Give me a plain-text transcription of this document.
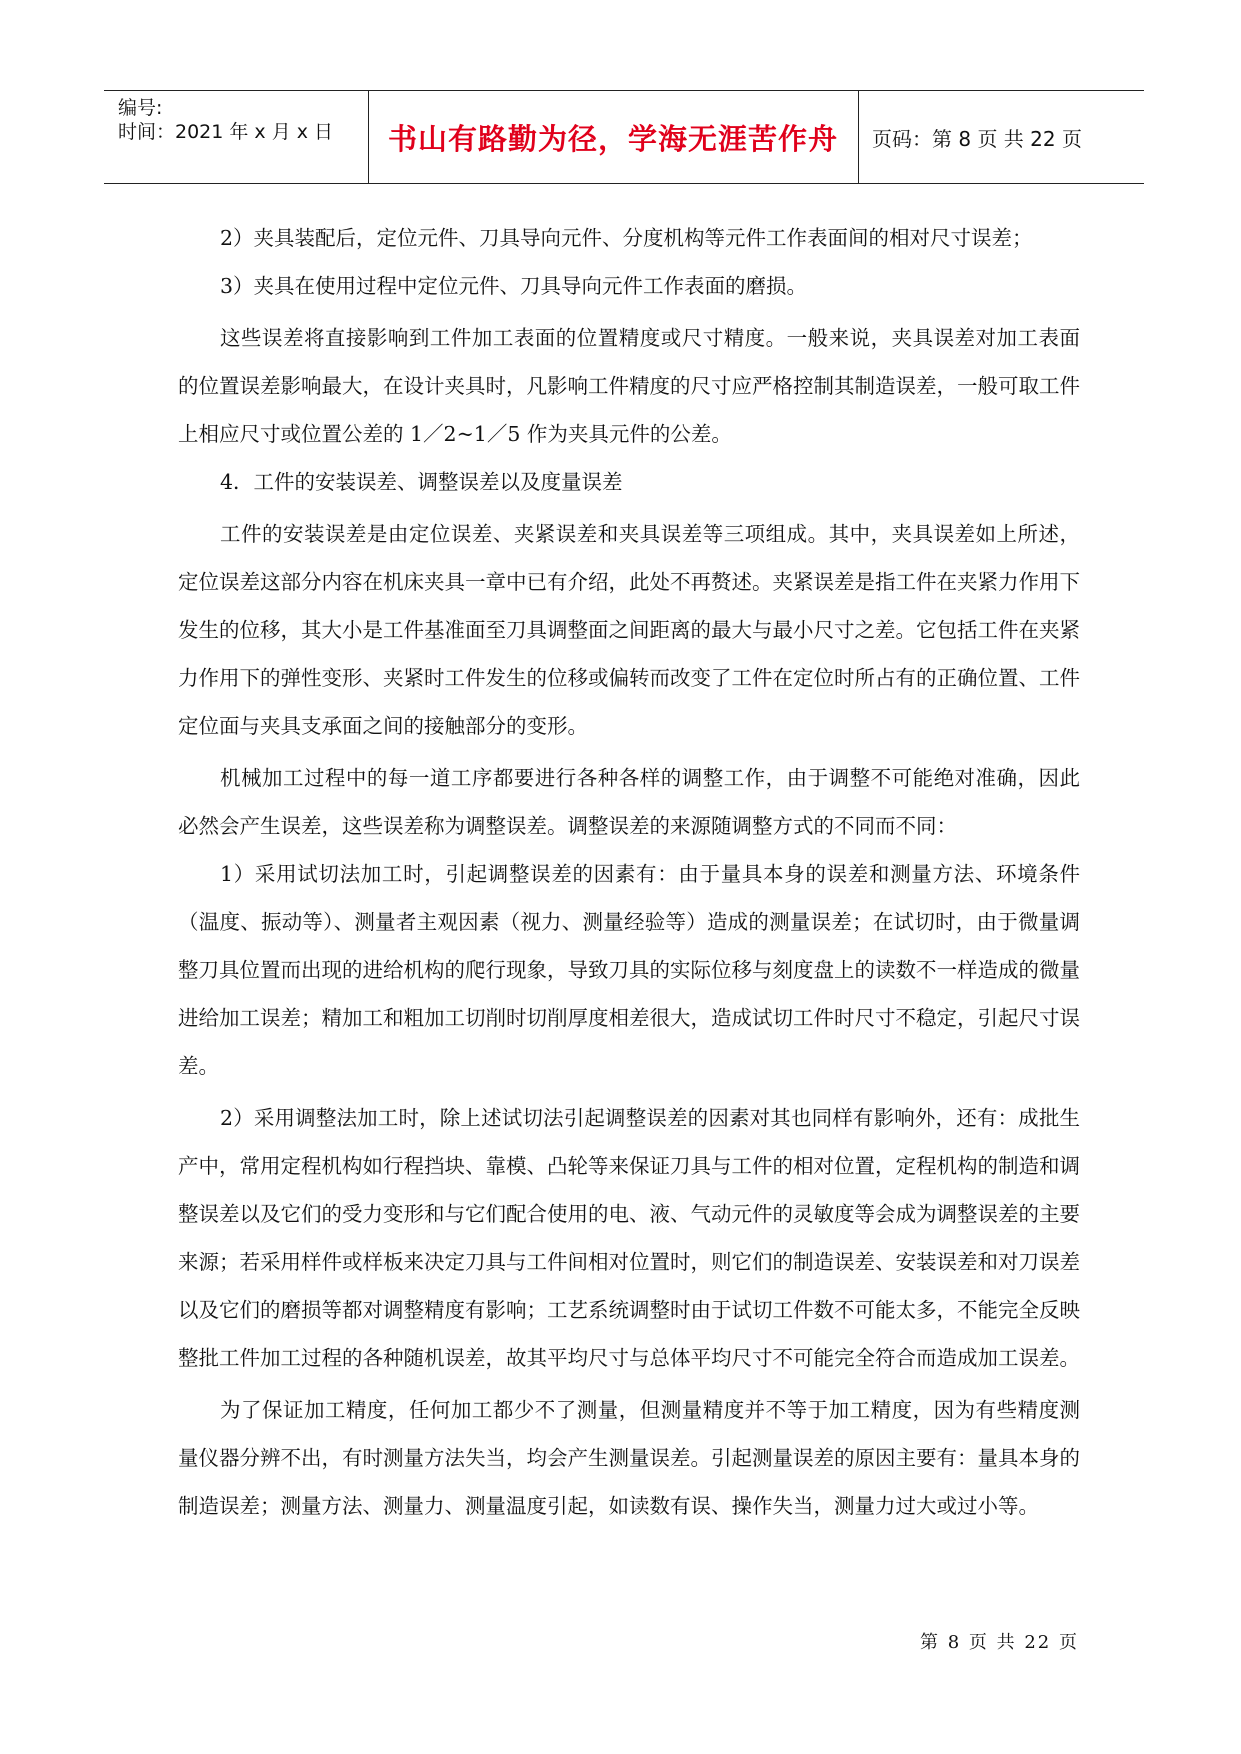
编号:
时间：2021 年 x 月 x 日	书山有路勤为径，学海无涯苦作舟	页码：第 8 页 共 22 页

2）夹具装配后，定位元件、刀具导向元件、分度机构等元件工作表面间的相对尺寸误差；

3）夹具在使用过程中定位元件、刀具导向元件工作表面的磨损。

这些误差将直接影响到工件加工表面的位置精度或尺寸精度。一般来说，夹具误差对加工表面的位置误差影响最大，在设计夹具时，凡影响工件精度的尺寸应严格控制其制造误差，一般可取工件上相应尺寸或位置公差的 1／2~1／5 作为夹具元件的公差。

4．工件的安装误差、调整误差以及度量误差

工件的安装误差是由定位误差、夹紧误差和夹具误差等三项组成。其中，夹具误差如上所述，定位误差这部分内容在机床夹具一章中已有介绍，此处不再赘述。夹紧误差是指工件在夹紧力作用下发生的位移，其大小是工件基准面至刀具调整面之间距离的最大与最小尺寸之差。它包括工件在夹紧力作用下的弹性变形、夹紧时工件发生的位移或偏转而改变了工件在定位时所占有的正确位置、工件定位面与夹具支承面之间的接触部分的变形。

机械加工过程中的每一道工序都要进行各种各样的调整工作，由于调整不可能绝对准确，因此必然会产生误差，这些误差称为调整误差。调整误差的来源随调整方式的不同而不同：

1）采用试切法加工时，引起调整误差的因素有：由于量具本身的误差和测量方法、环境条件（温度、振动等）、测量者主观因素（视力、测量经验等）造成的测量误差；在试切时，由于微量调整刀具位置而出现的进给机构的爬行现象，导致刀具的实际位移与刻度盘上的读数不一样造成的微量进给加工误差；精加工和粗加工切削时切削厚度相差很大，造成试切工件时尺寸不稳定，引起尺寸误差。

2）采用调整法加工时，除上述试切法引起调整误差的因素对其也同样有影响外，还有：成批生产中，常用定程机构如行程挡块、靠模、凸轮等来保证刀具与工件的相对位置，定程机构的制造和调整误差以及它们的受力变形和与它们配合使用的电、液、气动元件的灵敏度等会成为调整误差的主要来源；若采用样件或样板来决定刀具与工件间相对位置时，则它们的制造误差、安装误差和对刀误差以及它们的磨损等都对调整精度有影响；工艺系统调整时由于试切工件数不可能太多，不能完全反映整批工件加工过程的各种随机误差，故其平均尺寸与总体平均尺寸不可能完全符合而造成加工误差。

为了保证加工精度，任何加工都少不了测量，但测量精度并不等于加工精度，因为有些精度测量仪器分辨不出，有时测量方法失当，均会产生测量误差。引起测量误差的原因主要有：量具本身的制造误差；测量方法、测量力、测量温度引起，如读数有误、操作失当，测量力过大或过小等。

第 8 页 共 22 页
